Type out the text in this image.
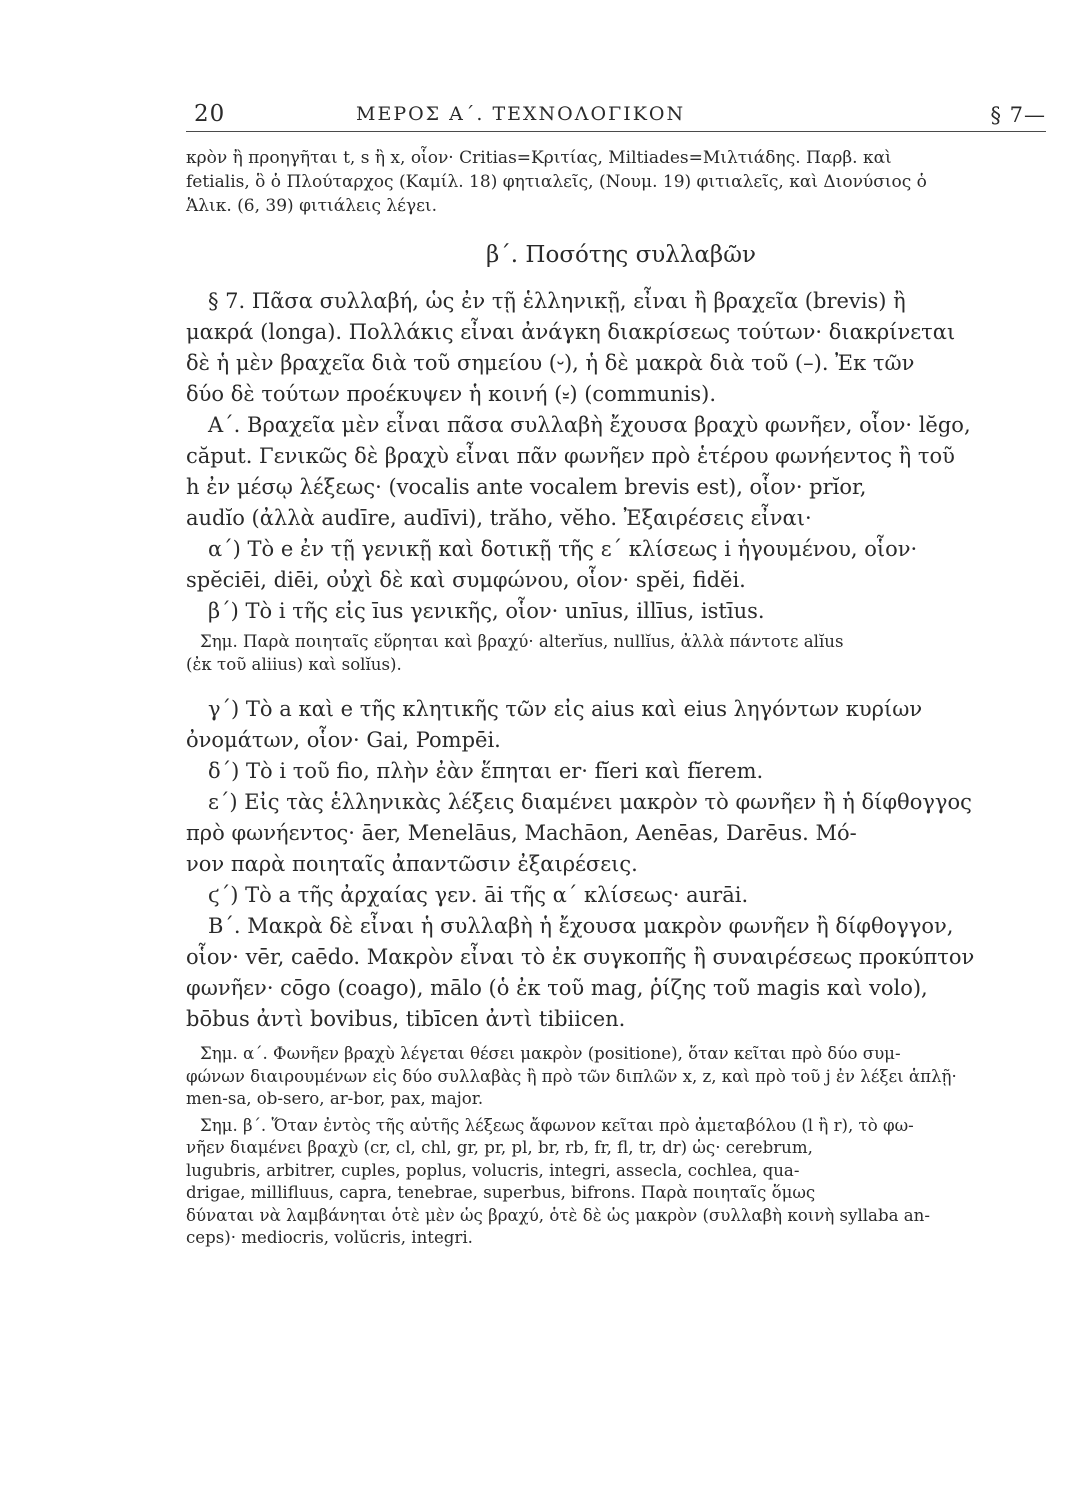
20	ΜΕΡΟΣ Α΄. ΤΕΧΝΟΛΟΓΙΚΟΝ	§ 7—

κρὸν ἢ προηγῆται t, s ἢ x, οἷον· Critias=Κριτίας, Miltiades=Μιλτιάδης. Παρβ. καὶ

fetialis, ὃ ὁ Πλούταρχος (Καμίλ. 18) φητιαλεῖς, (Νουμ. 19) φιτιαλεῖς, καὶ Διονύσιος ὁ

Ἁλικ. (6, 39) φιτιάλεις λέγει.

β΄. Ποσότης συλλαβῶν

§ 7. Πᾶσα συλλαβή, ὡς ἐν τῇ ἑλληνικῇ, εἶναι ἢ βραχεῖα (brevis) ἢ

μακρά (longa). Πολλάκις εἶναι ἀνάγκη διακρίσεως τούτων· διακρίνεται

δὲ ἡ μὲν βραχεῖα διὰ τοῦ σημείου (⏑), ἡ δὲ μακρὰ διὰ τοῦ (–). Ἐκ τῶν

δύο δὲ τούτων προέκυψεν ἡ κοινή (⏓) (communis).

Α΄. Βραχεῖα μὲν εἶναι πᾶσα συλλαβὴ ἔχουσα βραχὺ φωνῆεν, οἷον· lĕgo,

căput. Γενικῶς δὲ βραχὺ εἶναι πᾶν φωνῆεν πρὸ ἑτέρου φωνήεντος ἢ τοῦ

h ἐν μέσῳ λέξεως· (vocalis ante vocalem brevis est), οἷον· prĭor,

audĭo (ἀλλὰ audīre, audīvi), trăho, vĕho. Ἐξαιρέσεις εἶναι·

α΄) Τὸ e ἐν τῇ γενικῇ καὶ δοτικῇ τῆς ε΄ κλίσεως i ἡγουμένου, οἷον·

spĕciēi, diēi, οὐχὶ δὲ καὶ συμφώνου, οἷον· spĕi, fidĕi.

β΄) Τὸ i τῆς εἰς īus γενικῆς, οἷον· unīus, illīus, istīus.

Σημ. Παρὰ ποιηταῖς εὕρηται καὶ βραχύ· alterĭus, nullĭus, ἀλλὰ πάντοτε alĭus

(ἐκ τοῦ aliius) καὶ solĭus).

γ΄) Τὸ a καὶ e τῆς κλητικῆς τῶν εἰς aius καὶ eius ληγόντων κυρίων

ὀνομάτων, οἷον· Gai, Pompēi.

δ΄) Τὸ i τοῦ fio, πλὴν ἐὰν ἕπηται er· fĭeri καὶ fĭerem.

ε΄) Εἰς τὰς ἑλληνικὰς λέξεις διαμένει μακρὸν τὸ φωνῆεν ἢ ἡ δίφθογγος

πρὸ φωνήεντος· āer, Menelāus, Machāon, Aenēas, Darēus. Μό-

νον παρὰ ποιηταῖς ἀπαντῶσιν ἐξαιρέσεις.

ϛ΄) Τὸ a τῆς ἀρχαίας γεν. āi τῆς α΄ κλίσεως· aurāi.

Β΄. Μακρὰ δὲ εἶναι ἡ συλλαβὴ ἡ ἔχουσα μακρὸν φωνῆεν ἢ δίφθογγον,

οἷον· vēr, caēdo. Μακρὸν εἶναι τὸ ἐκ συγκοπῆς ἢ συναιρέσεως προκύπτον

φωνῆεν· cōgo (coago), mālo (ὁ ἐκ τοῦ mag, ῥίζης τοῦ magis καὶ volo),

bōbus ἀντὶ bovibus, tibīcen ἀντὶ tibiicen.

Σημ. α΄. Φωνῆεν βραχὺ λέγεται θέσει μακρὸν (positione), ὅταν κεῖται πρὸ δύο συμ-

φώνων διαιρουμένων εἰς δύο συλλαβὰς ἢ πρὸ τῶν διπλῶν x, z, καὶ πρὸ τοῦ j ἐν λέξει ἁπλῇ·

men-sa, ob-sero, ar-bor, pax, major.

Σημ. β΄. Ὅταν ἐντὸς τῆς αὐτῆς λέξεως ἄφωνον κεῖται πρὸ ἀμεταβόλου (l ἢ r), τὸ φω-

νῆεν διαμένει βραχὺ (cr, cl, chl, gr, pr, pl, br, rb, fr, fl, tr, dr) ὡς· cerebrum,

lugubris, arbitrer, cuples, poplus, volucris, integri, assecla, cochlea, qua-

drigae, millifluus, capra, tenebrae, superbus, bifrons. Παρὰ ποιηταῖς ὅμως

δύναται νὰ λαμβάνηται ὁτὲ μὲν ὡς βραχύ, ὁτὲ δὲ ὡς μακρὸν (συλλαβὴ κοινὴ syllaba an-

ceps)· mediocris, volŭcris, integri.
